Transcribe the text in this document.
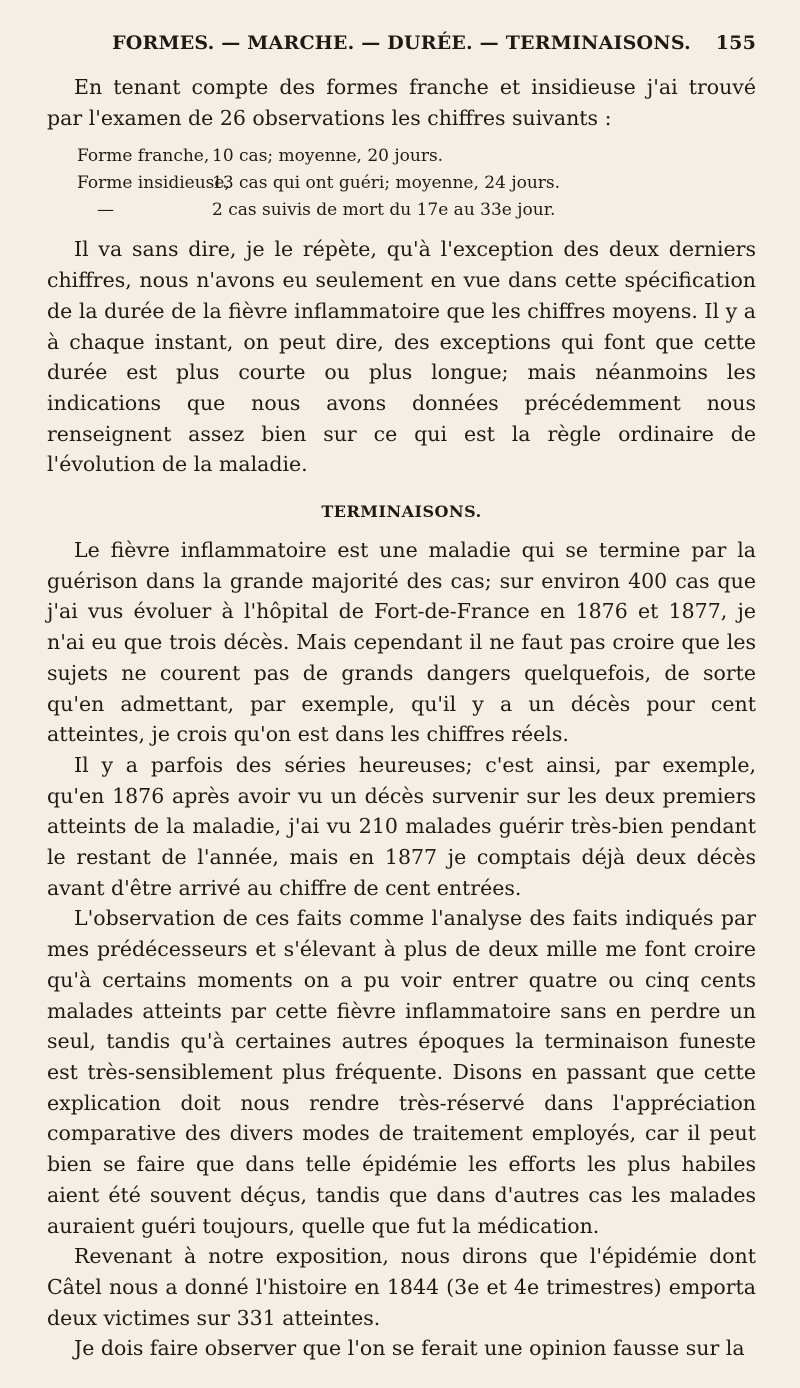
FORMES. — MARCHE. — DURÉE. — TERMINAISONS.	155

En tenant compte des formes franche et insidieuse j'ai trouvé par l'examen de 26 observations les chiffres suivants :

Forme franche, 10 cas; moyenne, 20 jours.
Forme insidieuse,
13 cas qui ont guéri; moyenne, 24 jours.
—	2 cas suivis de mort du 17e au 33e jour.

Il va sans dire, je le répète, qu'à l'exception des deux derniers chiffres, nous n'avons eu seulement en vue dans cette spécification de la durée de la fièvre inflammatoire que les chiffres moyens. Il y a à chaque instant, on peut dire, des exceptions qui font que cette durée est plus courte ou plus longue; mais néanmoins les indications que nous avons données précédemment nous renseignent assez bien sur ce qui est la règle ordinaire de l'évolution de la maladie.

TERMINAISONS.

Le fièvre inflammatoire est une maladie qui se termine par la guérison dans la grande majorité des cas; sur environ 400 cas que j'ai vus évoluer à l'hôpital de Fort-de-France en 1876 et 1877, je n'ai eu que trois décès. Mais cependant il ne faut pas croire que les sujets ne courent pas de grands dangers quelquefois, de sorte qu'en admettant, par exemple, qu'il y a un décès pour cent atteintes, je crois qu'on est dans les chiffres réels.

Il y a parfois des séries heureuses; c'est ainsi, par exemple, qu'en 1876 après avoir vu un décès survenir sur les deux premiers atteints de la maladie, j'ai vu 210 malades guérir très-bien pendant le restant de l'année, mais en 1877 je comptais déjà deux décès avant d'être arrivé au chiffre de cent entrées.

L'observation de ces faits comme l'analyse des faits indiqués par mes prédécesseurs et s'élevant à plus de deux mille me font croire qu'à certains moments on a pu voir entrer quatre ou cinq cents malades atteints par cette fièvre inflammatoire sans en perdre un seul, tandis qu'à certaines autres époques la terminaison funeste est très-sensiblement plus fréquente. Disons en passant que cette explication doit nous rendre très-réservé dans l'appréciation comparative des divers modes de traitement employés, car il peut bien se faire que dans telle épidémie les efforts les plus habiles aient été souvent déçus, tandis que dans d'autres cas les malades auraient guéri toujours, quelle que fut la médication.

Revenant à notre exposition, nous dirons que l'épidémie dont Câtel nous a donné l'histoire en 1844 (3e et 4e trimestres) emporta deux victimes sur 331 atteintes.

Je dois faire observer que l'on se ferait une opinion fausse sur la
